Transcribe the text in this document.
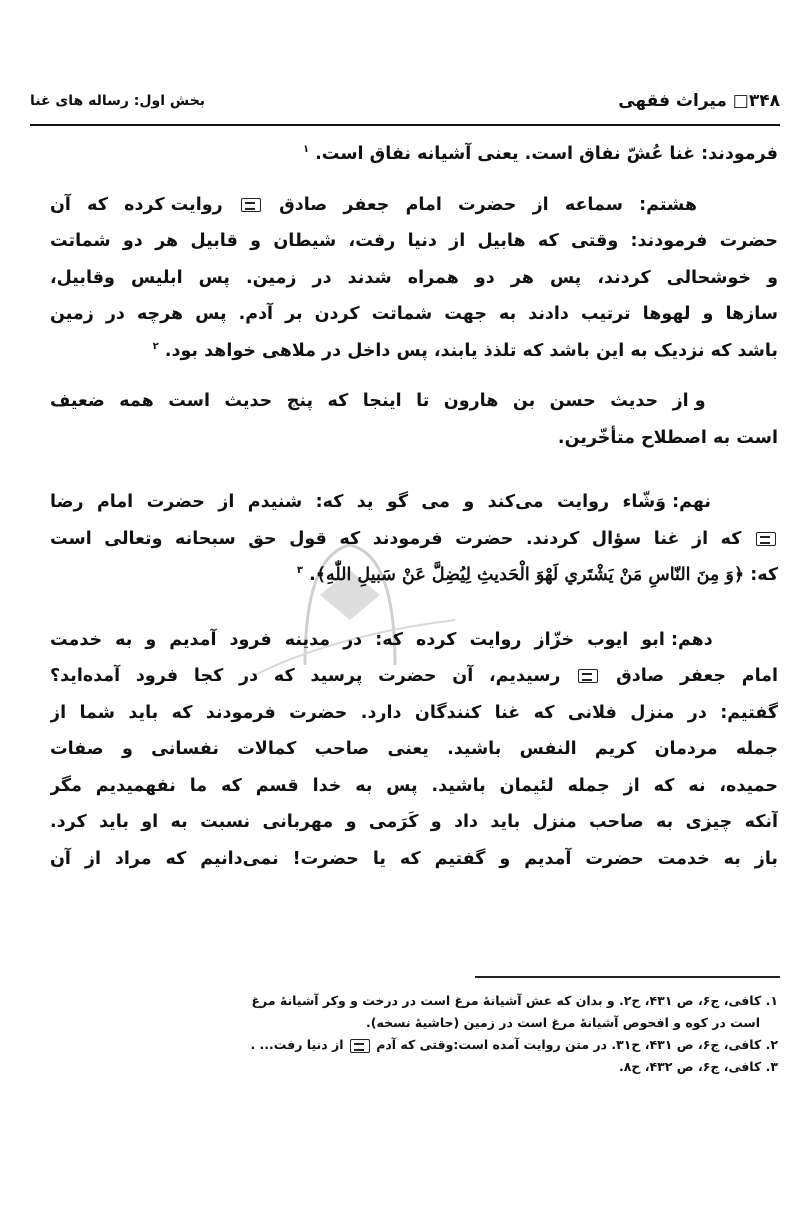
۳۴۸□ میراث فقهی
بخش اول: رساله های غنا
فرمودند: غنا عُشّ نفاق است. یعنی آشیانه نفاق است. $^۱$
هشتم: سماعه از حضرت امام جعفر صادق  روایت کرده که آن
حضرت فرمودند: وقتی که هابیل از دنیا رفت، شیطان و قابیل هر دو شماتت
و خوشحالی کردند، پس هر دو همراه شدند در زمین. پس ابلیس وقابیل،
سازها و لهوها ترتیب دادند به جهت شماتت کردن بر آدم. پس هرچه در زمین
باشد که نزدیک به این باشد که تلذذ یابند، پس داخل در ملاهی خواهد بود. $^۲$
و از حدیث حسن بن هارون تا اینجا که پنج حدیث است همه ضعیف
است به اصطلاح متأخّرین.
نهم: وَشّاء روایت می‌کند و می گو ید که: شنیدم از حضرت امام رضا
که از غنا سؤال کردند. حضرت فرمودند که قول حق سبحانه وتعالی است
که: ﴿وَ مِنَ النّاسِ مَنْ يَشْتَري لَهْوَ الْحَديثِ لِيُضِلَّ عَنْ سَبيلِ اللّٰهِ﴾. $^۳$
دهم: ابو ایوب خزّاز روایت کرده که: در مدینه فرود آمدیم و به خدمت
امام جعفر صادق  رسیدیم، آن حضرت پرسید که در کجا فرود آمده‌اید؟
گفتیم: در منزل فلانی که غنا کنندگان دارد. حضرت فرمودند که باید شما از
جمله مردمان کریم النفس باشید. یعنی صاحب کمالات نفسانی و صفات
حمیده، نه که از جمله لئیمان باشید. پس به خدا قسم که ما نفهمیدیم مگر
آنکه چیزی به صاحب منزل باید داد و کَرَمی و مهربانی نسبت به او باید کرد.
باز به خدمت حضرت آمدیم و گفتیم که یا حضرت! نمی‌دانیم که مراد از آن
۱. کافی، ج۶، ص ۴۳۱، ح۲. و بدان که عش آشیانهٔ مرغ است در درخت و وکر آشیانهٔ مرغ
است در کوه و افحوص آشیانهٔ مرغ است در زمین (حاشیهٔ نسخه).
۲. کافی، ج۶، ص ۴۳۱، ح۳۱. در متن روایت آمده است:وقتی که آدم  از دنیا رفت... .
۳. کافی، ج۶، ص ۴۳۲، ح۸.
